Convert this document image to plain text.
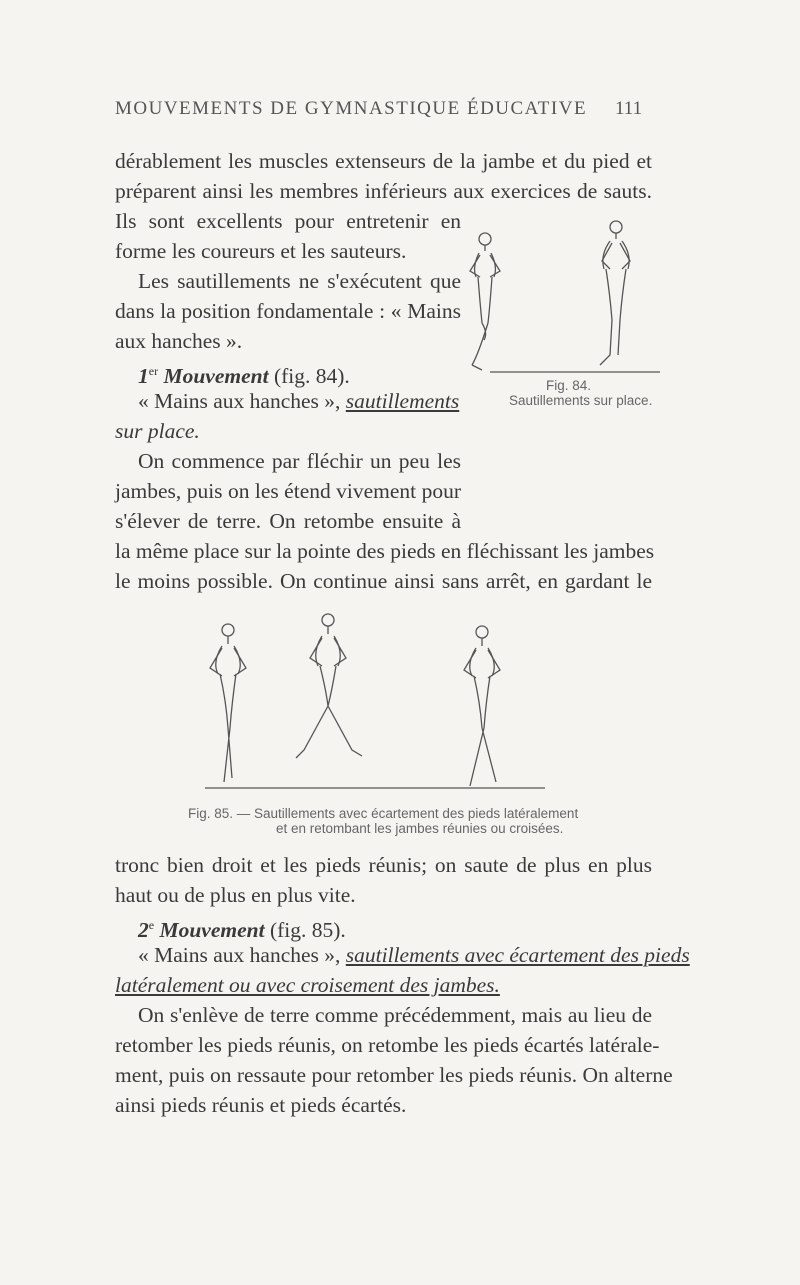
MOUVEMENTS DE GYMNASTIQUE ÉDUCATIVE 111
dérablement les muscles extenseurs de la jambe et du pied et
préparent ainsi les membres inférieurs aux exercices de sauts.
Ils sont excellents pour entretenir en
forme les coureurs et les sauteurs.
Les sautillements ne s'exécutent que
dans la position fondamentale : « Mains
aux hanches ».
1er Mouvement (fig. 84).
« Mains aux hanches », sautillements
sur place.
On commence par fléchir un peu les
jambes, puis on les étend vivement pour
s'élever de terre. On retombe ensuite à
la même place sur la pointe des pieds en fléchissant les jambes
le moins possible. On continue ainsi sans arrêt, en gardant le
Fig. 84.
Sautillements sur place.
Fig. 85. — Sautillements avec écartement des pieds latéralement
et en retombant les jambes réunies ou croisées.
tronc bien droit et les pieds réunis; on saute de plus en plus
haut ou de plus en plus vite.
2e Mouvement (fig. 85).
« Mains aux hanches », sautillements avec écartement des pieds
latéralement ou avec croisement des jambes.
On s'enlève de terre comme précédemment, mais au lieu de
retomber les pieds réunis, on retombe les pieds écartés latérale-
ment, puis on ressaute pour retomber les pieds réunis. On alterne
ainsi pieds réunis et pieds écartés.
